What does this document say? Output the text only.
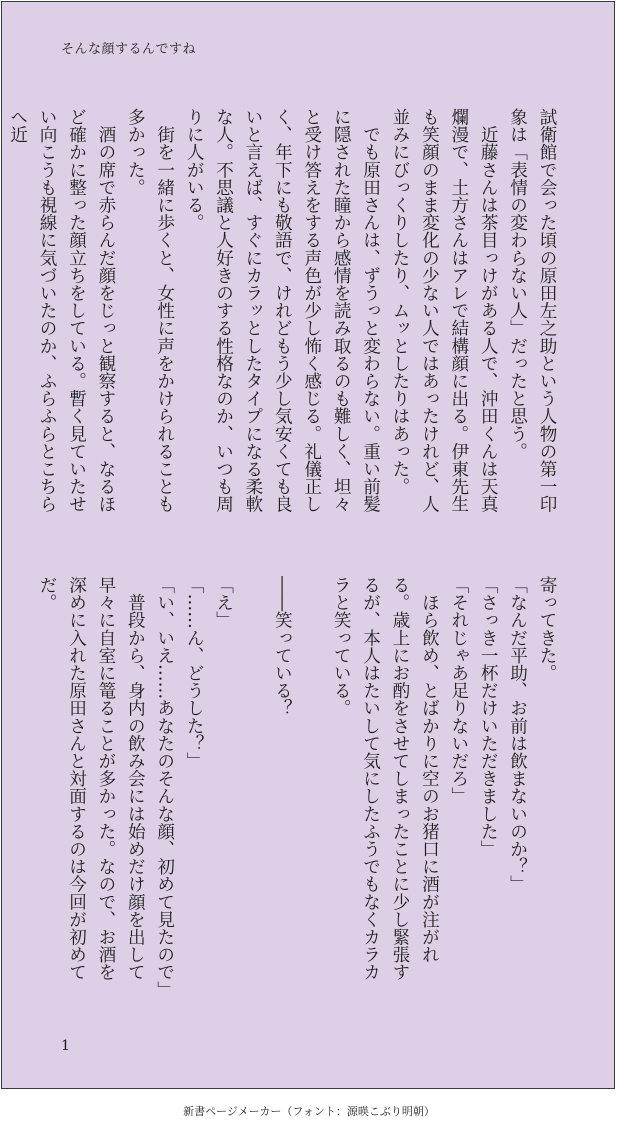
そんな顔するんですね

試衛館で会った頃の原田左之助という人物の第一印象は「表情の変わらない人」だったと思う。

　近藤さんは茶目っけがある人で、沖田くんは天真爛漫で、土方さんはアレで結構顔に出る。伊東先生も笑顔のまま変化の少ない人ではあったけれど、人並みにびっくりしたり、ムッとしたりはあった。

　でも原田さんは、ずうっと変わらない。重い前髪に隠された瞳から感情を読み取るのも難しく、坦々と受け答えをする声色が少し怖く感じる。礼儀正しく、年下にも敬語で、けれどもう少し気安くても良いと言えば、すぐにカラッとしたタイプになる柔軟な人。不思議と人好きのする性格なのか、いつも周りに人がいる。

　街を一緒に歩くと、女性に声をかけられることも多かった。

　酒の席で赤らんだ顔をじっと観察すると、なるほど確かに整った顔立ちをしている。暫く見ていたせい向こうも視線に気づいたのか、ふらふらとこちらへ近

寄ってきた。

「なんだ平助、お前は飲まないのか？」

「さっき一杯だけいただきました」

「それじゃあ足りないだろ」

　ほら飲め、とばかりに空のお猪口に酒が注がれる。歳上にお酌をさせてしまったことに少し緊張するが、本人はたいして気にしたふうでもなくカラカラと笑っている。

――笑っている？

「え」

「……ん、どうした？」

「い、いえ……あなたのそんな顔、初めて見たので」

　普段から、身内の飲み会には始めだけ顔を出して早々に自室に篭ることが多かった。なので、お酒を深めに入れた原田さんと対面するのは今回が初めてだ。

1
新書ページメーカー（フォント：源暎こぶり明朝）
